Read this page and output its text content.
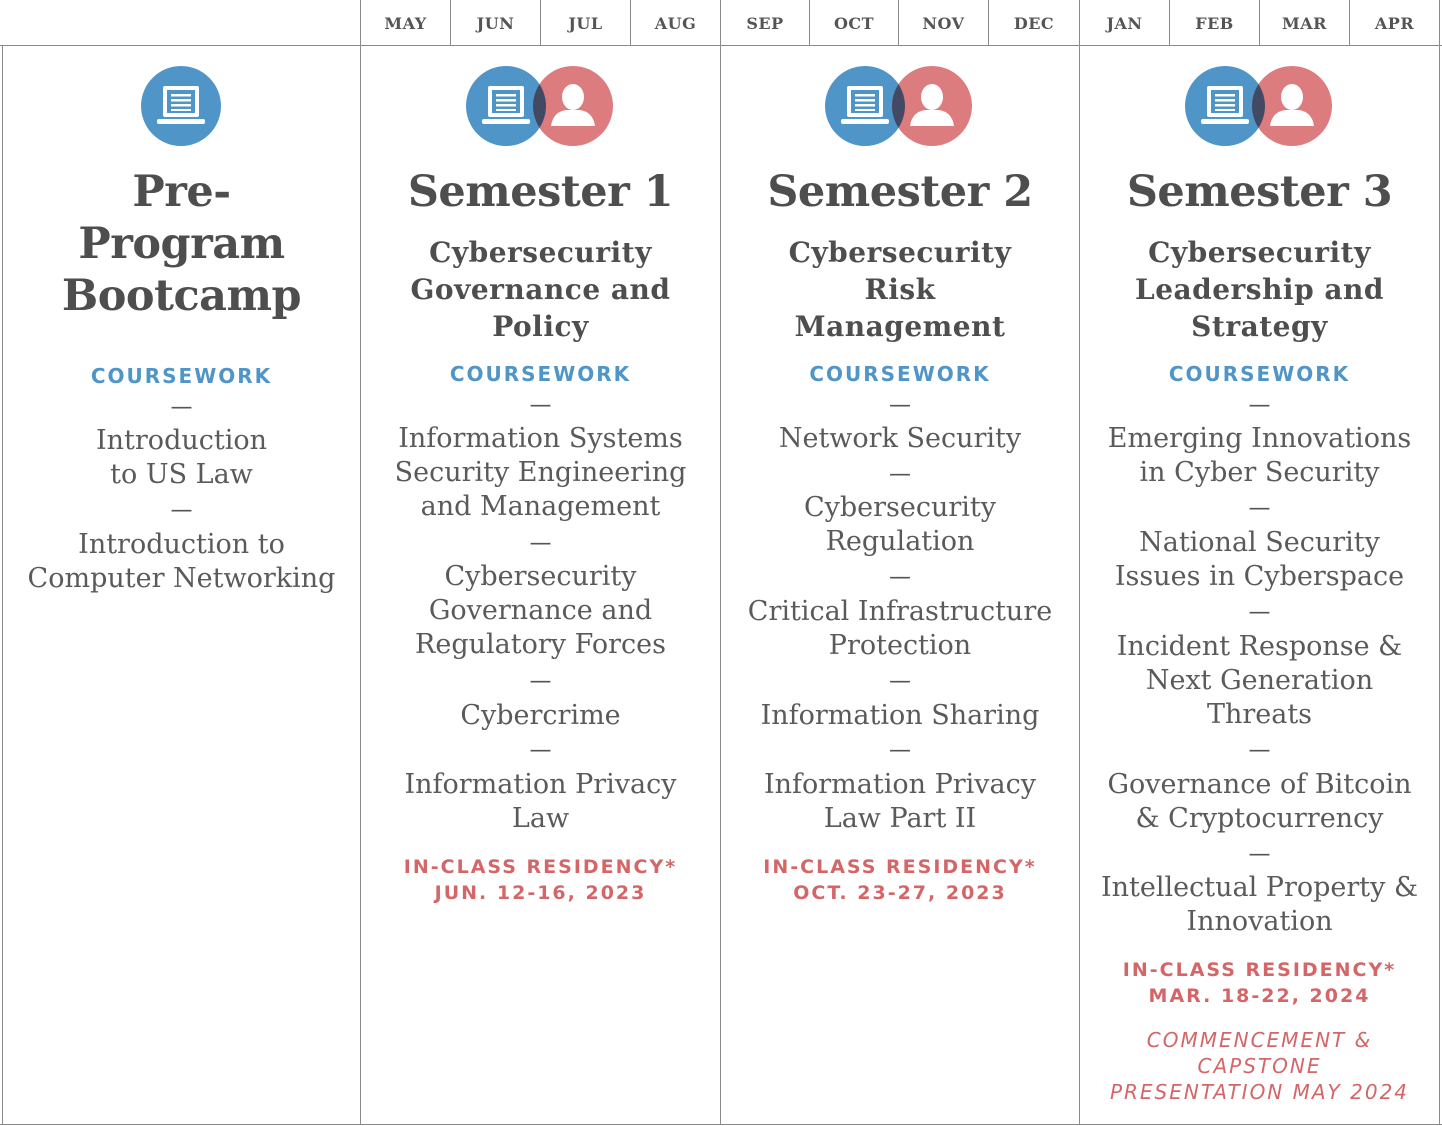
MAY	JUN	JUL	AUG	SEP	OCT	NOV	DEC	JAN	FEB	MAR	APR
Pre-
Program
Bootcamp
COURSEWORK
—
Introduction
to US Law
—
Introduction to
Computer Networking
Semester 1
Cybersecurity
Governance and
Policy
COURSEWORK
—
Information Systems
Security Engineering
and Management
—
Cybersecurity
Governance and
Regulatory Forces
—
Cybercrime
—
Information Privacy
Law
IN-CLASS RESIDENCY*
JUN. 12-16, 2023
Semester 2
Cybersecurity
Risk
Management
COURSEWORK
—
Network Security
—
Cybersecurity
Regulation
—
Critical Infrastructure
Protection
—
Information Sharing
—
Information Privacy
Law Part II
IN-CLASS RESIDENCY*
OCT. 23-27, 2023
Semester 3
Cybersecurity
Leadership and
Strategy
COURSEWORK
—
Emerging Innovations
in Cyber Security
—
National Security
Issues in Cyberspace
—
Incident Response &
Next Generation
Threats
—
Governance of Bitcoin
& Cryptocurrency
—
Intellectual Property &
Innovation
IN-CLASS RESIDENCY*
MAR. 18-22, 2024
COMMENCEMENT &
CAPSTONE
PRESENTATION MAY 2024
